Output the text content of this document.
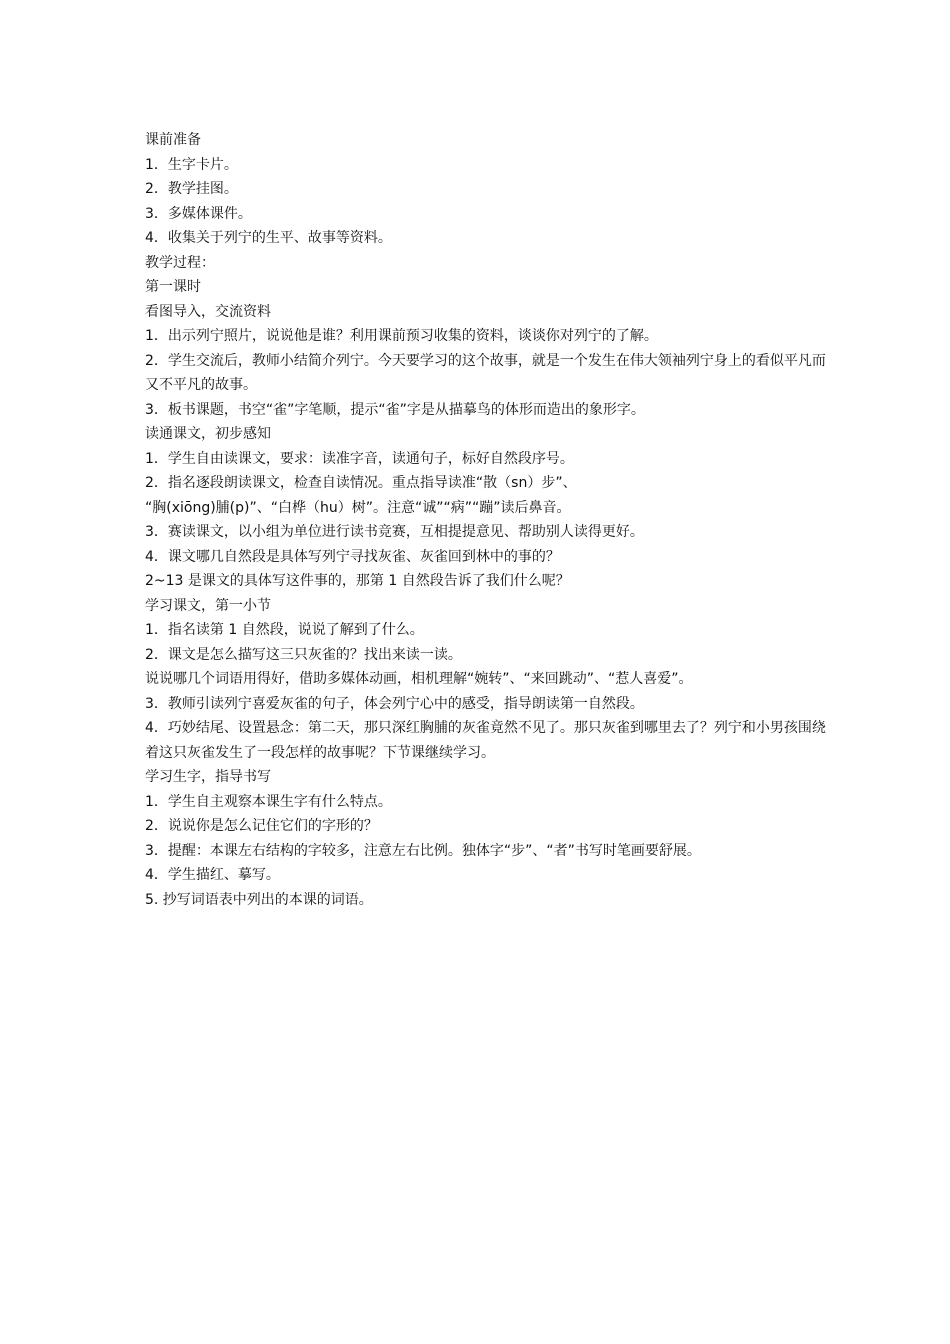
课前准备
1．生字卡片。
2．教学挂图。
3．多媒体课件。
4．收集关于列宁的生平、故事等资料。
教学过程：
第一课时
看图导入，交流资料
1．出示列宁照片，说说他是谁？利用课前预习收集的资料，谈谈你对列宁的了解。
2．学生交流后，教师小结简介列宁。今天要学习的这个故事，就是一个发生在伟大领袖列宁身上的看似平凡而又不平凡的故事。
3．板书课题，书空“雀”字笔顺，提示“雀”字是从描摹鸟的体形而造出的象形字。
读通课文，初步感知
1．学生自由读课文，要求：读准字音，读通句子，标好自然段序号。
2．指名逐段朗读课文，检查自读情况。重点指导读准“散（sn）步”、
“胸(xiōng)脯(p)”、“白桦（hu）树”。注意“诚”“病”“蹦”读后鼻音。
3．赛读课文，以小组为单位进行读书竞赛，互相提提意见、帮助别人读得更好。
4．课文哪几自然段是具体写列宁寻找灰雀、灰雀回到林中的事的？
2~13 是课文的具体写这件事的，那第 1 自然段告诉了我们什么呢？
学习课文，第一小节
1．指名读第 1 自然段，说说了解到了什么。
2．课文是怎么描写这三只灰雀的？找出来读一读。
说说哪几个词语用得好，借助多媒体动画，相机理解“婉转”、“来回跳动”、“惹人喜爱”。
3．教师引读列宁喜爱灰雀的句子，体会列宁心中的感受，指导朗读第一自然段。
4．巧妙结尾、设置悬念：第二天，那只深红胸脯的灰雀竟然不见了。那只灰雀到哪里去了？列宁和小男孩围绕着这只灰雀发生了一段怎样的故事呢？下节课继续学习。
学习生字，指导书写
1．学生自主观察本课生字有什么特点。
2．说说你是怎么记住它们的字形的？
3．提醒：本课左右结构的字较多，注意左右比例。独体字“步”、“者”书写时笔画要舒展。
4．学生描红、摹写。
5. 抄写词语表中列出的本课的词语。
